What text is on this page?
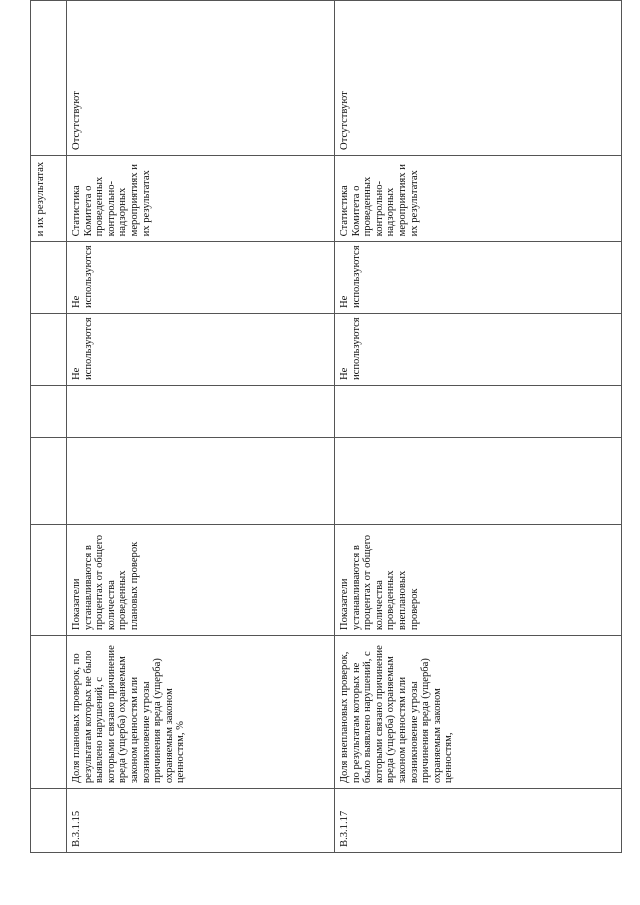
							и их результатах	
В.3.1.15	Доля плановых проверок, по результатам которых не было выявлено нарушений, с которыми связано причинение вреда (ущерба) охраняемым законом ценностям или возникновение угрозы причинения вреда (ущерба) охраняемым законом ценностям, %	Показатели устанавливаются в процентах от общего количества проведенных плановых проверок			Не используются	Не используются	Статистика Комитета о проведенных контрольно-надзорных мероприятиях и их результатах	Отсутствуют
В.3.1.17	Доля внеплановых проверок, по результатам которых не было выявлено нарушений, с которыми связано причинение вреда (ущерба) охраняемым законом ценностям или возникновение угрозы причинения вреда (ущерба) охраняемым законом ценностям,	Показатели устанавливаются в процентах от общего количества проведенных внеплановых проверок			Не используются	Не используются	Статистика Комитета о проведенных контрольно-надзорных мероприятиях и их результатах	Отсутствуют
